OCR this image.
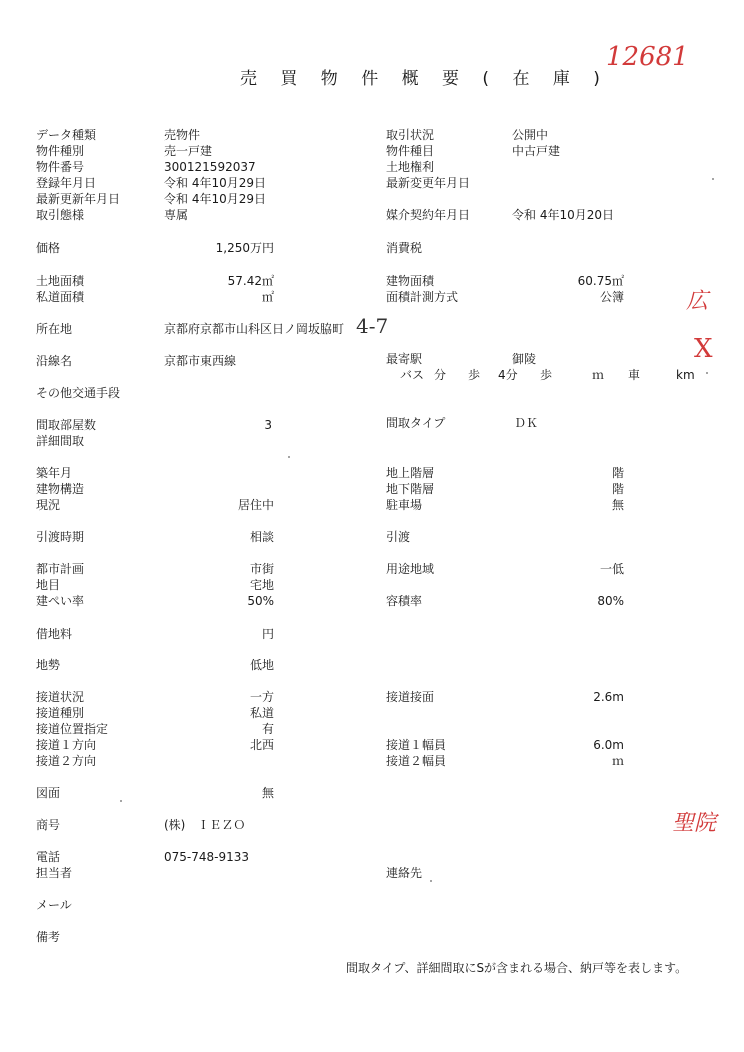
売 買 物 件 概 要 ( 在 庫 )
12681
広
X
聖院
データ種類
物件種別
物件番号
登録年月日
最新更新年月日
取引態様
価格
土地面積
私道面積
所在地
沿線名
その他交通手段
間取部屋数
詳細間取
築年月
建物構造
現況
引渡時期
都市計画
地目
建ぺい率
借地料
地勢
接道状況
接道種別
接道位置指定
接道１方向
接道２方向
図面
商号
電話
担当者
メール
備考
売物件
売一戸建
300121592037
令和 4年10月29日
令和 4年10月29日
専属
京都府京都市山科区日ノ岡坂脇町 4-7
京都市東西線
(株)　ＩＥＺＯ
075-748-9133
1,250万円
57.42㎡
㎡
3
居住中
相談
市街
宅地
50%
円
低地
一方
私道
有
北西
無
取引状況
物件種目
土地権利
最新変更年月日
媒介契約年月日
消費税
建物面積
面積計測方式
最寄駅
バス 分 歩 4分 歩	ｍ 車	km
間取タイプ
地上階層
地下階層
駐車場
引渡
用途地域
容積率
接道接面
接道１幅員
接道２幅員
連絡先
公開中
中古戸建
令和 4年10月20日
御陵
ＤＫ
60.75㎡
公簿
階
階
無
一低
80%
2.6m
6.0m
ｍ
間取タイプ、詳細間取にSが含まれる場合、納戸等を表します。
